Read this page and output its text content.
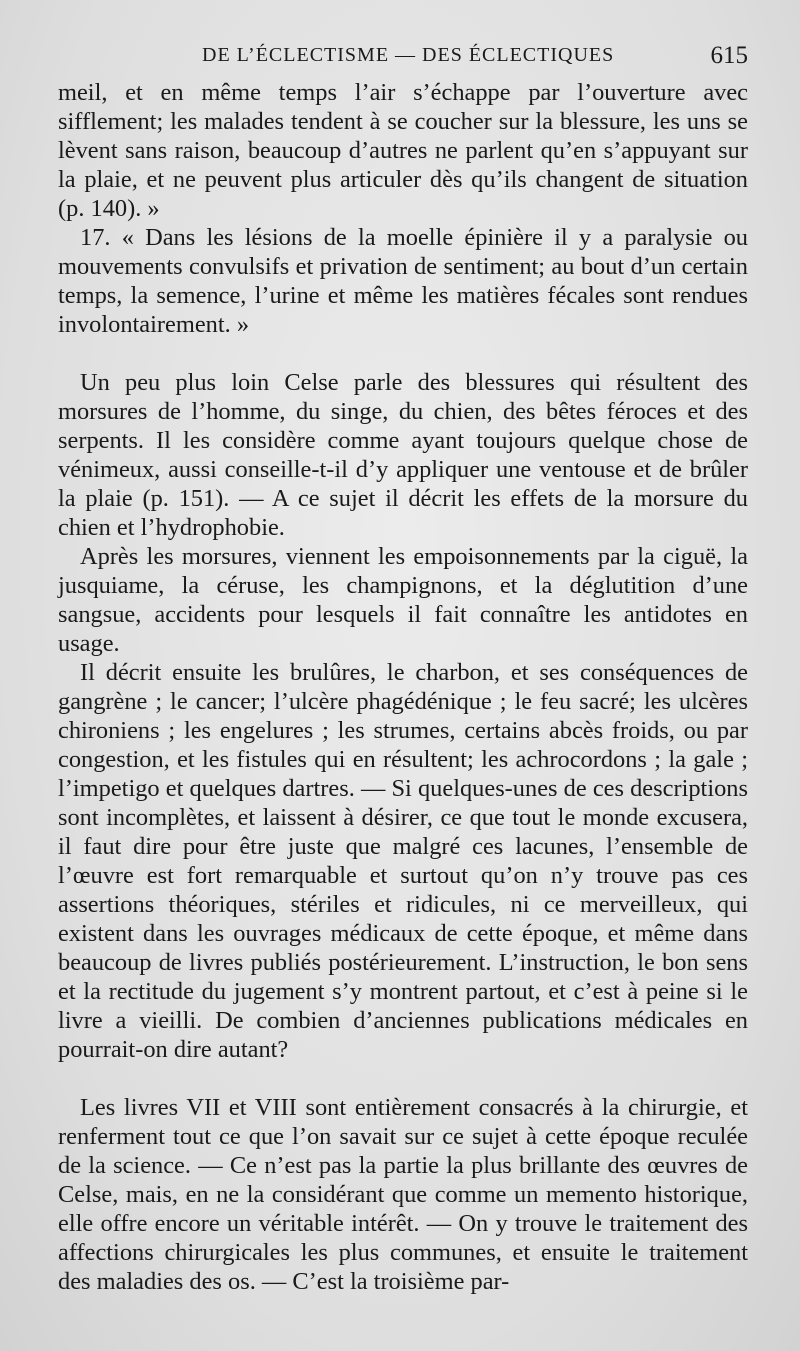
DE L’ÉCLECTISME — DES ÉCLECTIQUES	615

meil, et en même temps l’air s’échappe par l’ouverture avec sifflement; les malades tendent à se coucher sur la blessure, les uns se lèvent sans raison, beaucoup d’autres ne parlent qu’en s’appuyant sur la plaie, et ne peuvent plus articuler dès qu’ils changent de situation (p. 140). »

17. « Dans les lésions de la moelle épinière il y a paralysie ou mouvements convulsifs et privation de sentiment; au bout d’un certain temps, la semence, l’urine et même les matières fécales sont rendues involontairement. »

Un peu plus loin Celse parle des blessures qui résultent des morsures de l’homme, du singe, du chien, des bêtes féroces et des serpents. Il les considère comme ayant toujours quelque chose de vénimeux, aussi conseille-t-il d’y appliquer une ventouse et de brûler la plaie (p. 151). — A ce sujet il décrit les effets de la morsure du chien et l’hydrophobie.

Après les morsures, viennent les empoisonnements par la ciguë, la jusquiame, la céruse, les champignons, et la déglutition d’une sangsue, accidents pour lesquels il fait connaître les antidotes en usage.

Il décrit ensuite les brulûres, le charbon, et ses conséquences de gangrène ; le cancer; l’ulcère phagédénique ; le feu sacré; les ulcères chironiens ; les engelures ; les strumes, certains abcès froids, ou par congestion, et les fistules qui en résultent; les achrocordons ; la gale ; l’impetigo et quelques dartres. — Si quelques-unes de ces descriptions sont incomplètes, et laissent à désirer, ce que tout le monde excusera, il faut dire pour être juste que malgré ces lacunes, l’ensemble de l’œuvre est fort remarquable et surtout qu’on n’y trouve pas ces assertions théoriques, stériles et ridicules, ni ce merveilleux, qui existent dans les ouvrages médicaux de cette époque, et même dans beaucoup de livres publiés postérieurement. L’instruction, le bon sens et la rectitude du jugement s’y montrent partout, et c’est à peine si le livre a vieilli. De combien d’anciennes publications médicales en pourrait-on dire autant?

Les livres VII et VIII sont entièrement consacrés à la chirurgie, et renferment tout ce que l’on savait sur ce sujet à cette époque reculée de la science. — Ce n’est pas la partie la plus brillante des œuvres de Celse, mais, en ne la considérant que comme un memento historique, elle offre encore un véritable intérêt. — On y trouve le traitement des affections chirurgicales les plus communes, et ensuite le traitement des maladies des os. — C’est la troisième par-
